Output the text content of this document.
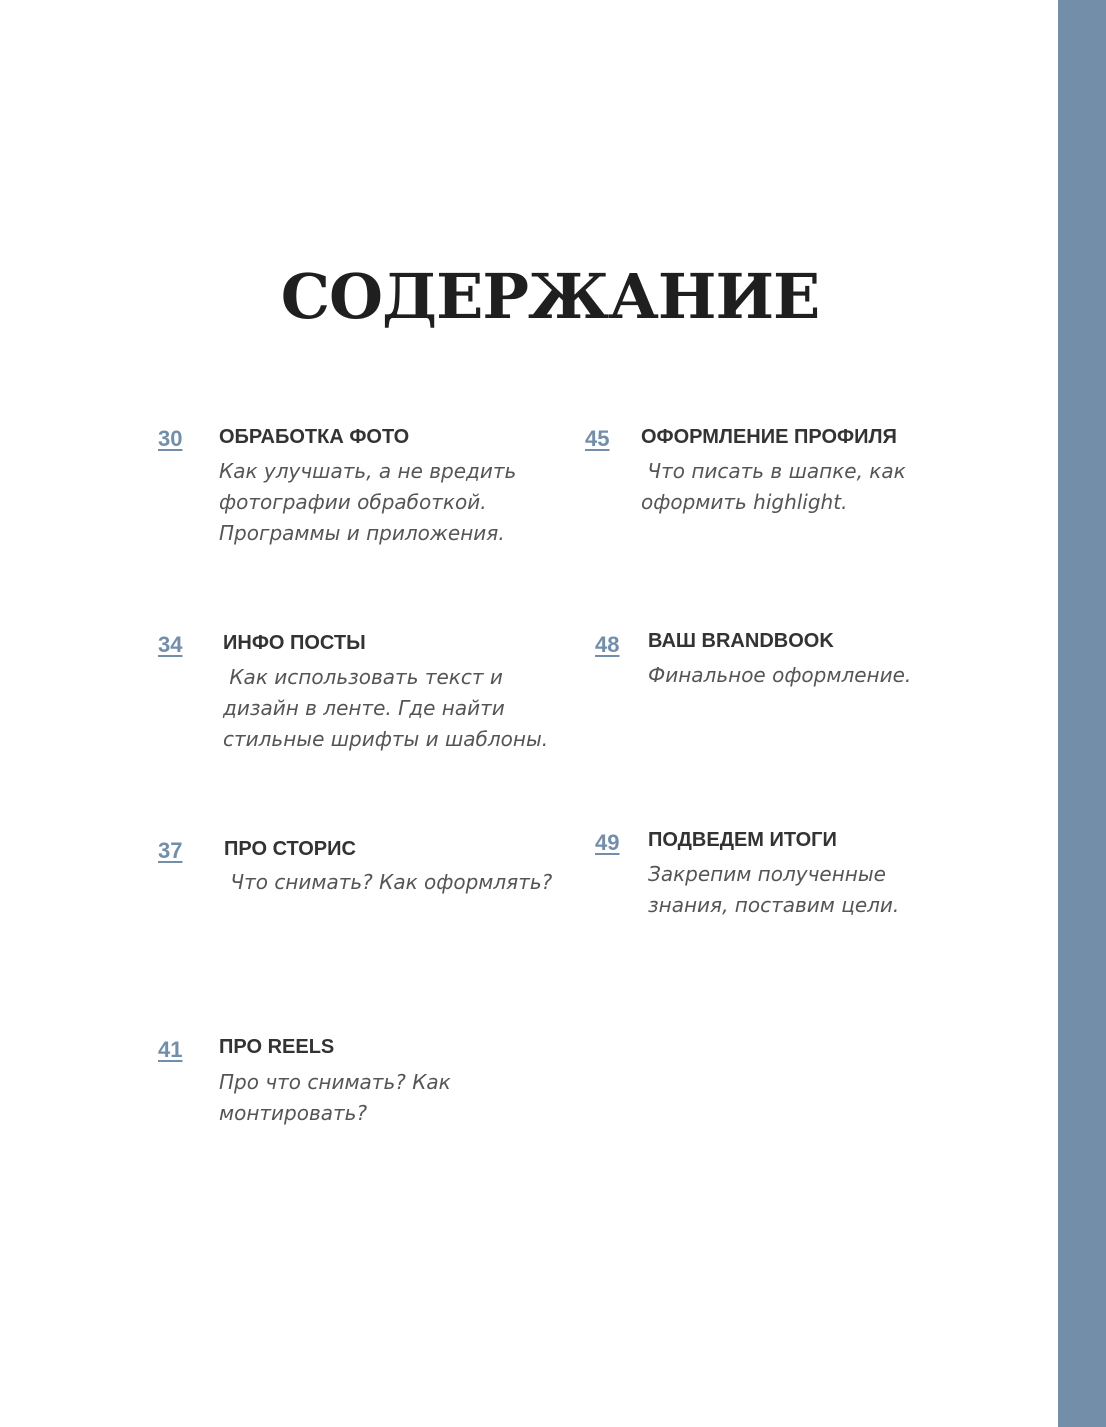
СОДЕРЖАНИЕ
30 ОБРАБОТКА ФОТО
Как улучшать, а не вредить
фотографии обработкой.
Программы и приложения.
45 ОФОРМЛЕНИЕ ПРОФИЛЯ
Что писать в шапке, как
оформить highlight.
34 ИНФО ПОСТЫ
Как использовать текст и
дизайн в ленте. Где найти
стильные шрифты и шаблоны.
48 ВАШ BRANDBOOK
Финальное оформление.
37 ПРО СТОРИС
Что снимать? Как оформлять?
49 ПОДВЕДЕМ ИТОГИ
Закрепим полученные
знания, поставим цели.
41 ПРО REELS
Про что снимать? Как
монтировать?
